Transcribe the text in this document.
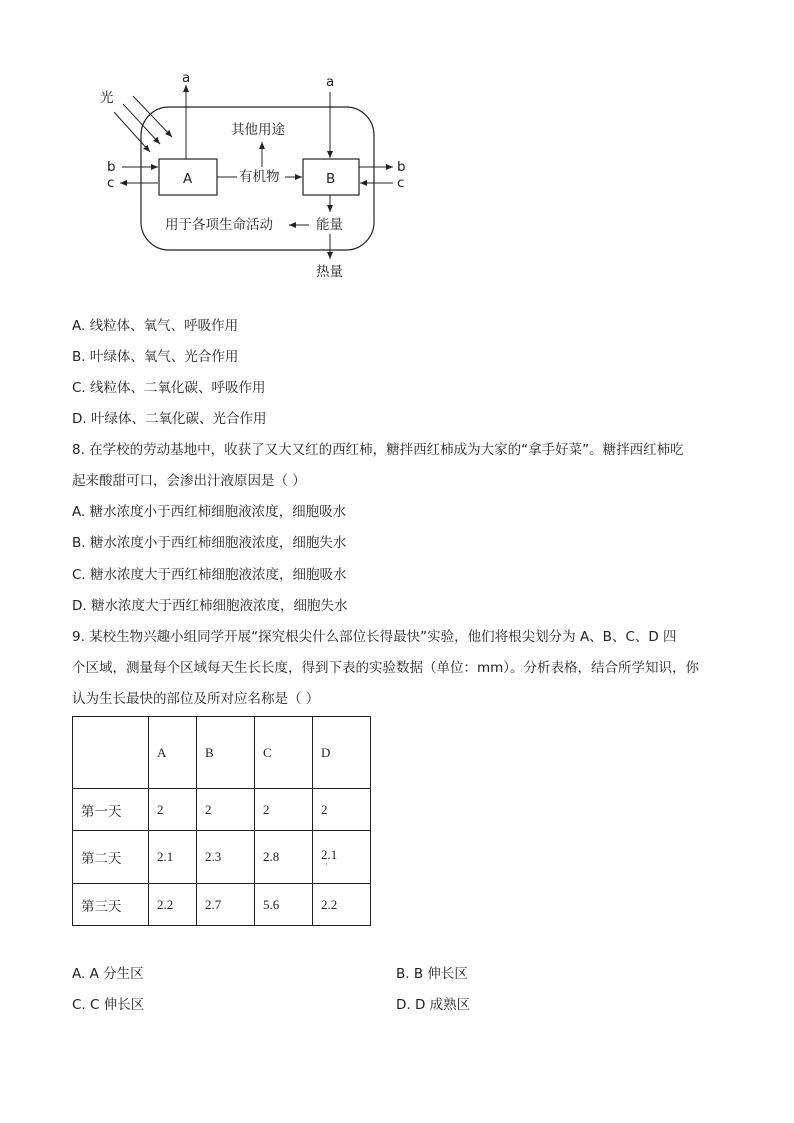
A	B
光
a
b
c	有机物
其他用途
a
b
c
能量
用于各项生命活动
热量
A. 线粒体、氧气、呼吸作用
B. 叶绿体、氧气、光合作用
C. 线粒体、二氧化碳、呼吸作用
D. 叶绿体、二氧化碳、光合作用
8. 在学校的劳动基地中，收获了又大又红的西红柿，糖拌西红柿成为大家的“拿手好菜”。糖拌西红柿吃
起来酸甜可口，会渗出汁液原因是（ ）
A. 糖水浓度小于西红柿细胞液浓度，细胞吸水
B. 糖水浓度小于西红柿细胞液浓度，细胞失水
C. 糖水浓度大于西红柿细胞液浓度，细胞吸水
D. 糖水浓度大于西红柿细胞液浓度，细胞失水
9. 某校生物兴趣小组同学开展“探究根尖什么部位长得最快”实验，他们将根尖划分为 A、B、C、D 四
个区域，测量每个区域每天生长长度，得到下表的实验数据（单位：mm）。分析表格，结合所学知识，你
认为生长最快的部位及所对应名称是（ ）
	A	B	C	D
第一天	2	2	2	2
第二天	2.1	2.3	2.8	2.1
·

第三天	2.2	2.7	5.6	2.2
A. A 分生区	B. B 伸长区
C. C 伸长区	D. D 成熟区
